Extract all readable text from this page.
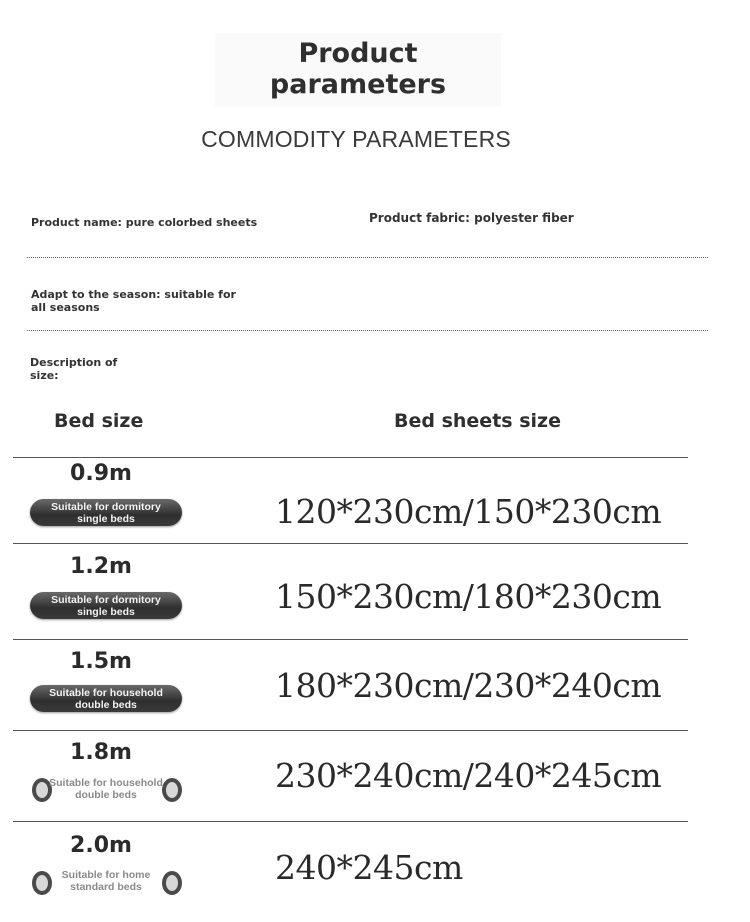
Product
parameters
COMMODITY PARAMETERS
Product name: pure colorbed sheets	Product fabric: polyester fiber
Adapt to the season: suitable for
all seasons
Description of
size:
Bed size	Bed sheets size
0.9m
Suitable for dormitory
single beds	120*230cm/150*230cm
1.2m
Suitable for dormitory
single beds	150*230cm/180*230cm
1.5m
Suitable for household
double beds	180*230cm/230*240cm
1.8m
Suitable for household
double beds	230*240cm/240*245cm
2.0m
Suitable for home
standard beds	240*245cm
